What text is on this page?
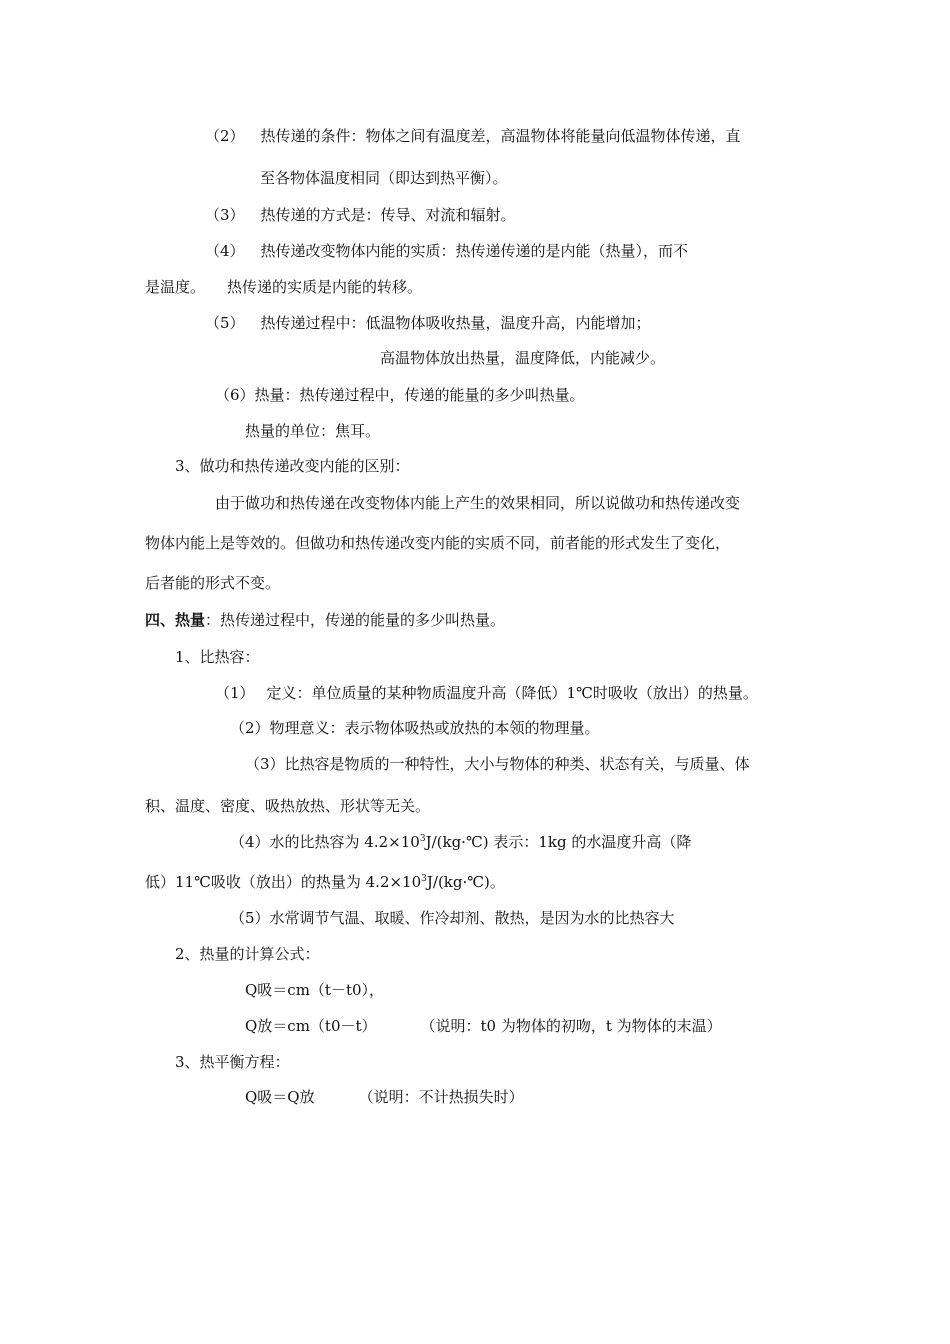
（2） 热传递的条件：物体之间有温度差，高温物体将能量向低温物体传递，直
至各物体温度相同（即达到热平衡）。
（3） 热传递的方式是：传导、对流和辐射。
（4） 热传递改变物体内能的实质：热传递传递的是内能（热量），而不
是温度。 热传递的实质是内能的转移。
（5） 热传递过程中：低温物体吸收热量，温度升高，内能增加；
高温物体放出热量，温度降低，内能减少。
（6）热量：热传递过程中，传递的能量的多少叫热量。
热量的单位：焦耳。
3、做功和热传递改变内能的区别：
由于做功和热传递在改变物体内能上产生的效果相同，所以说做功和热传递改变
物体内能上是等效的。但做功和热传递改变内能的实质不同，前者能的形式发生了变化，
后者能的形式不变。
四、热量：热传递过程中，传递的能量的多少叫热量。
1、比热容：
（1） 定义：单位质量的某种物质温度升高（降低）1℃时吸收（放出）的热量。
（2）物理意义：表示物体吸热或放热的本领的物理量。
（3）比热容是物质的一种特性，大小与物体的种类、状态有关，与质量、体
积、温度、密度、吸热放热、形状等无关。
（4）水的比热容为 $4.2\times 10^3J/(kg\cdot℃)$ 表示：1kg 的水温度升高（降
低）11℃吸收（放出）的热量为 $4.2\times 10^3J/(kg\cdot℃)$。
（5）水常调节气温、取暖、作冷却剂、散热，是因为水的比热容大
2、热量的计算公式：
Q吸＝cm（t－t0），
Q放＝cm（t0－t）	（说明：t0 为物体的初吻，t 为物体的末温）
3、热平衡方程：
Q吸＝Q放	（说明：不计热损失时）
